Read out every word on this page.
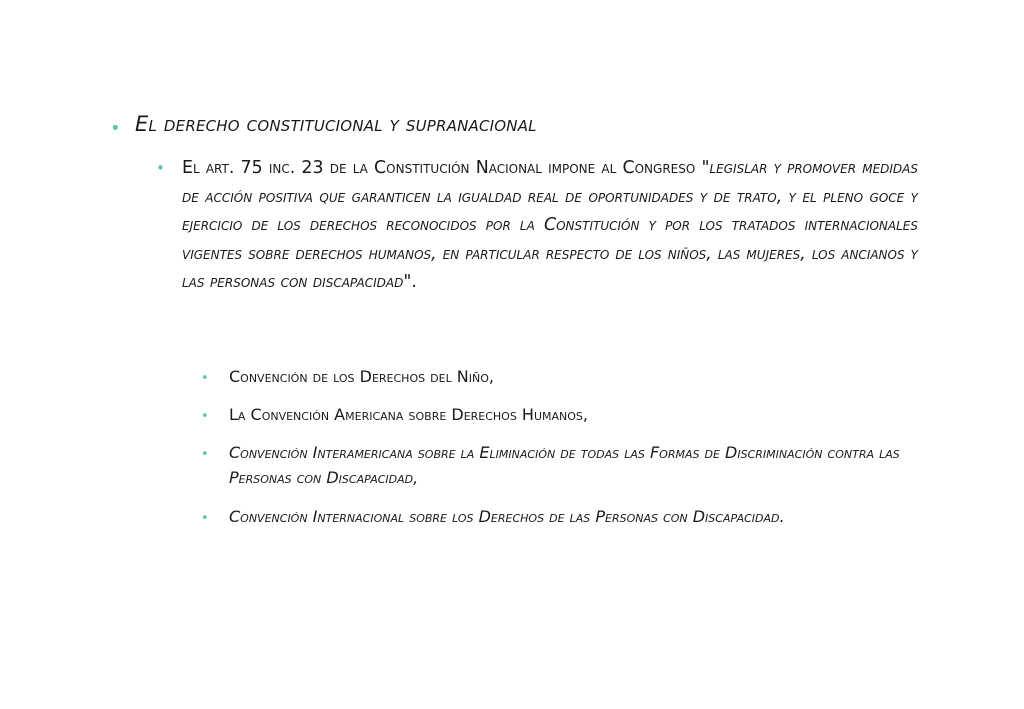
• El derecho constitucional y supranacional
• El art. 75 inc. 23 de la Constitución Nacional impone al Congreso "legislar y promover medidas de acción positiva que garanticen la igualdad real de oportunidades y de trato, y el pleno goce y ejercicio de los derechos reconocidos por la Constitución y por los tratados internacionales vigentes sobre derechos humanos, en particular respecto de los niños, las mujeres, los ancianos y las personas con discapacidad".
• Convención de los Derechos del Niño,
• La Convención Americana sobre Derechos Humanos,
• Convención Interamericana sobre la Eliminación de todas las Formas de Discriminación contra las Personas con Discapacidad,
• Convención Internacional sobre los Derechos de las Personas con Discapacidad.
